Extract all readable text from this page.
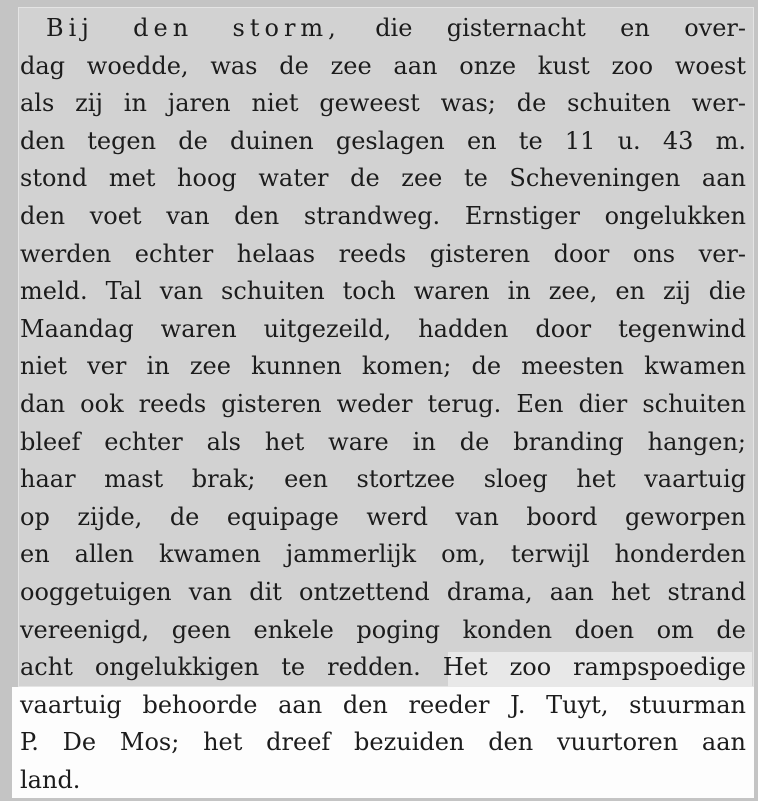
Bij den storm, die gisternacht en over-
dag woedde, was de zee aan onze kust zoo woest
als zij in jaren niet geweest was; de schuiten wer-
den tegen de duinen geslagen en te 11 u. 43 m.
stond met hoog water de zee te Scheveningen aan
den voet van den strandweg. Ernstiger ongelukken
werden echter helaas reeds gisteren door ons ver-
meld. Tal van schuiten toch waren in zee, en zij die
Maandag waren uitgezeild, hadden door tegenwind
niet ver in zee kunnen komen; de meesten kwamen
dan ook reeds gisteren weder terug. Een dier schuiten
bleef echter als het ware in de branding hangen;
haar mast brak; een stortzee sloeg het vaartuig
op zijde, de equipage werd van boord geworpen
en allen kwamen jammerlijk om, terwijl honderden
ooggetuigen van dit ontzettend drama, aan het strand
vereenigd, geen enkele poging konden doen om de
acht ongelukkigen te redden. Het zoo rampspoedige
vaartuig behoorde aan den reeder J. Tuyt, stuurman
P. De Mos; het dreef bezuiden den vuurtoren aan
land.
